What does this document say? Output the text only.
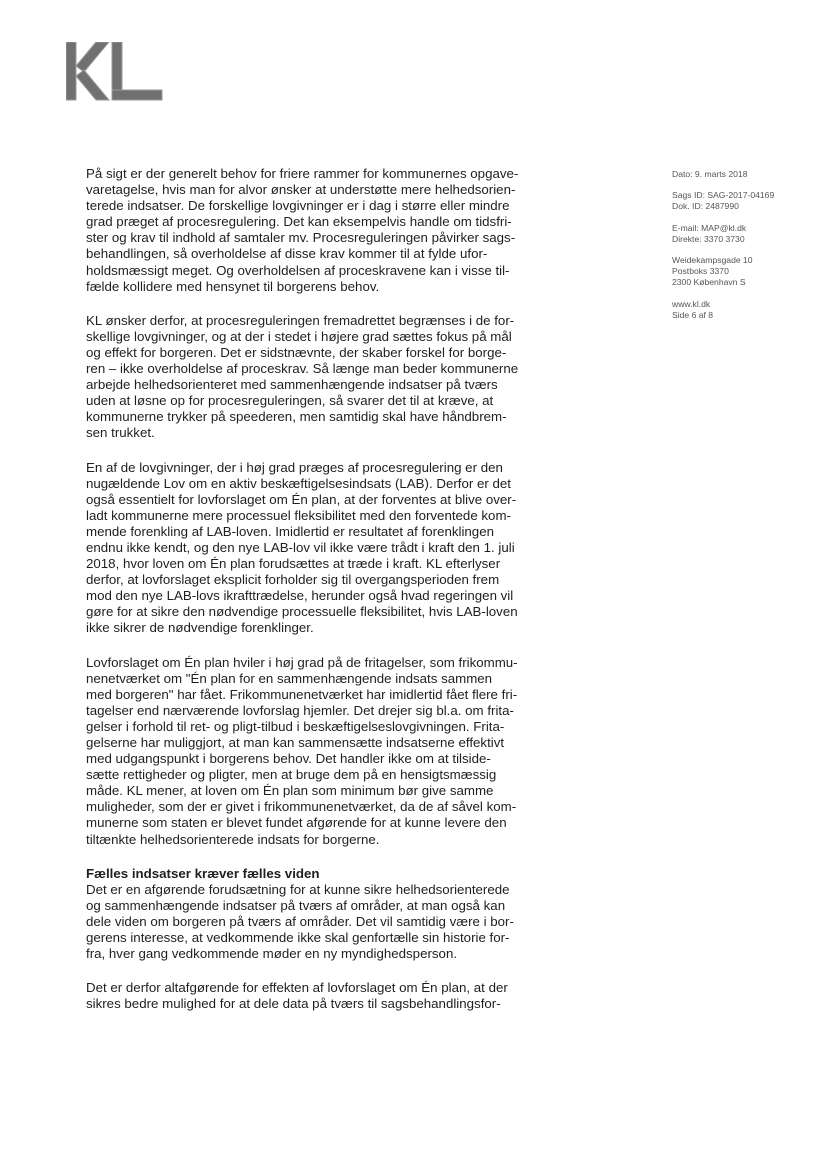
Dato: 9. marts 2018
Sags ID: SAG-2017-04169
Dok. ID: 2487990
E-mail: MAP@kl.dk
Direkte: 3370 3730
Weidekampsgade 10
Postboks 3370
2300 København S
www.kl.dk
Side 6 af 8
På sigt er der generelt behov for friere rammer for kommunernes opgave-
varetagelse, hvis man for alvor ønsker at understøtte mere helhedsorien-
terede indsatser. De forskellige lovgivninger er i dag i større eller mindre
grad præget af procesregulering. Det kan eksempelvis handle om tidsfri-
ster og krav til indhold af samtaler mv. Procesreguleringen påvirker sags-
behandlingen, så overholdelse af disse krav kommer til at fylde ufor-
holdsmæssigt meget. Og overholdelsen af proceskravene kan i visse til-
fælde kollidere med hensynet til borgerens behov.
KL ønsker derfor, at procesreguleringen fremadrettet begrænses i de for-
skellige lovgivninger, og at der i stedet i højere grad sættes fokus på mål
og effekt for borgeren. Det er sidstnævnte, der skaber forskel for borge-
ren – ikke overholdelse af proceskrav. Så længe man beder kommunerne
arbejde helhedsorienteret med sammenhængende indsatser på tværs
uden at løsne op for procesreguleringen, så svarer det til at kræve, at
kommunerne trykker på speederen, men samtidig skal have håndbrem-
sen trukket.
En af de lovgivninger, der i høj grad præges af procesregulering er den
nugældende Lov om en aktiv beskæftigelsesindsats (LAB). Derfor er det
også essentielt for lovforslaget om Én plan, at der forventes at blive over-
ladt kommunerne mere processuel fleksibilitet med den forventede kom-
mende forenkling af LAB-loven. Imidlertid er resultatet af forenklingen
endnu ikke kendt, og den nye LAB-lov vil ikke være trådt i kraft den 1. juli
2018, hvor loven om Én plan forudsættes at træde i kraft. KL efterlyser
derfor, at lovforslaget eksplicit forholder sig til overgangsperioden frem
mod den nye LAB-lovs ikrafttrædelse, herunder også hvad regeringen vil
gøre for at sikre den nødvendige processuelle fleksibilitet, hvis LAB-loven
ikke sikrer de nødvendige forenklinger.
Lovforslaget om Én plan hviler i høj grad på de fritagelser, som frikommu-
nenetværket om "Én plan for en sammenhængende indsats sammen
med borgeren" har fået. Frikommunenetværket har imidlertid fået flere fri-
tagelser end nærværende lovforslag hjemler. Det drejer sig bl.a. om frita-
gelser i forhold til ret- og pligt-tilbud i beskæftigelseslovgivningen. Frita-
gelserne har muliggjort, at man kan sammensætte indsatserne effektivt
med udgangspunkt i borgerens behov. Det handler ikke om at tilside-
sætte rettigheder og pligter, men at bruge dem på en hensigtsmæssig
måde. KL mener, at loven om Én plan som minimum bør give samme
muligheder, som der er givet i frikommunenetværket, da de af såvel kom-
munerne som staten er blevet fundet afgørende for at kunne levere den
tiltænkte helhedsorienterede indsats for borgerne.

Fælles indsatser kræver fælles viden

Det er en afgørende forudsætning for at kunne sikre helhedsorienterede
og sammenhængende indsatser på tværs af områder, at man også kan
dele viden om borgeren på tværs af områder. Det vil samtidig være i bor-
gerens interesse, at vedkommende ikke skal genfortælle sin historie for-
fra, hver gang vedkommende møder en ny myndighedsperson.
Det er derfor altafgørende for effekten af lovforslaget om Én plan, at der
sikres bedre mulighed for at dele data på tværs til sagsbehandlingsfor-
